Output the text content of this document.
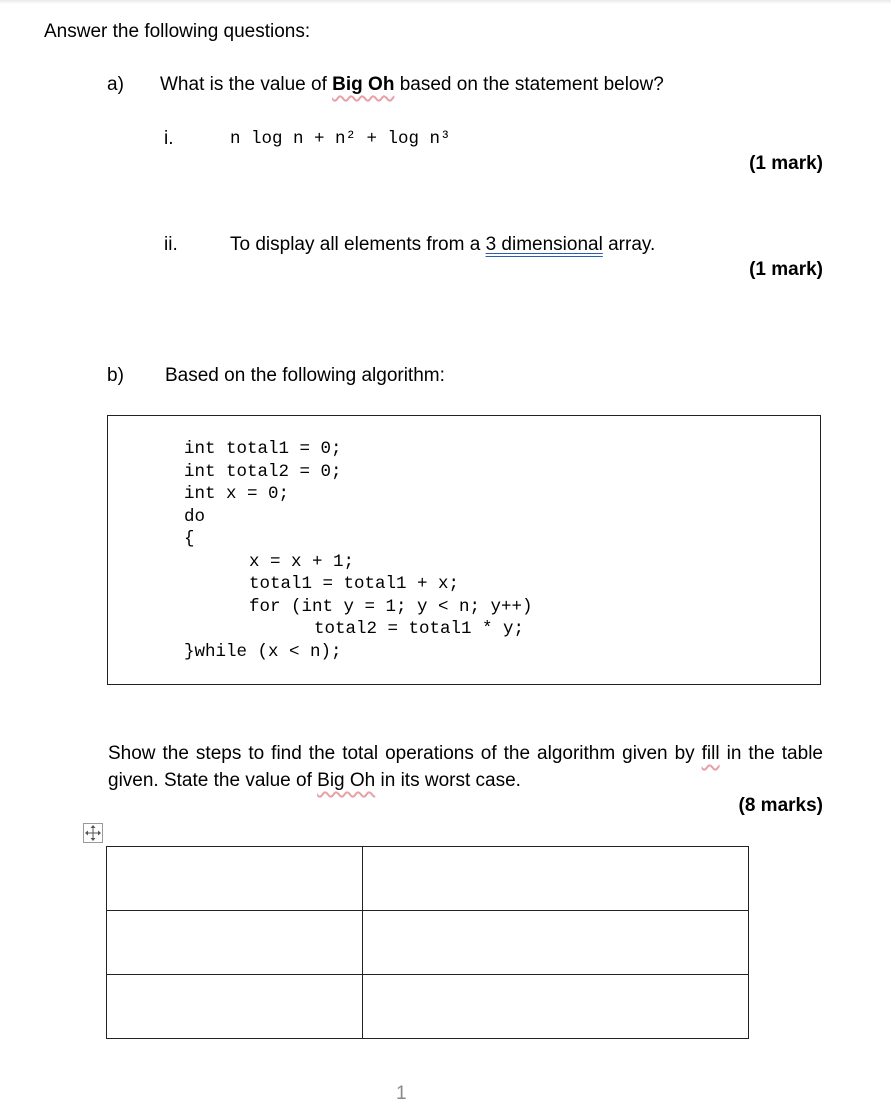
Answer the following questions:
a) What is the value of Big Oh based on the statement below?
i.	n log n + n² + log n³
(1 mark)
ii.	To display all elements from a 3 dimensional array.
(1 mark)
b) Based on the following algorithm:
int total1 = 0;
int total2 = 0;
int x = 0;
do
{
x = x + 1;
total1 = total1 + x;
for (int y = 1; y < n; y++)
total2 = total1 * y;
}while (x < n);
Show the steps to find the total operations of the algorithm given by fill in the table given. State the value of Big Oh in its worst case.
(8 marks)

1
